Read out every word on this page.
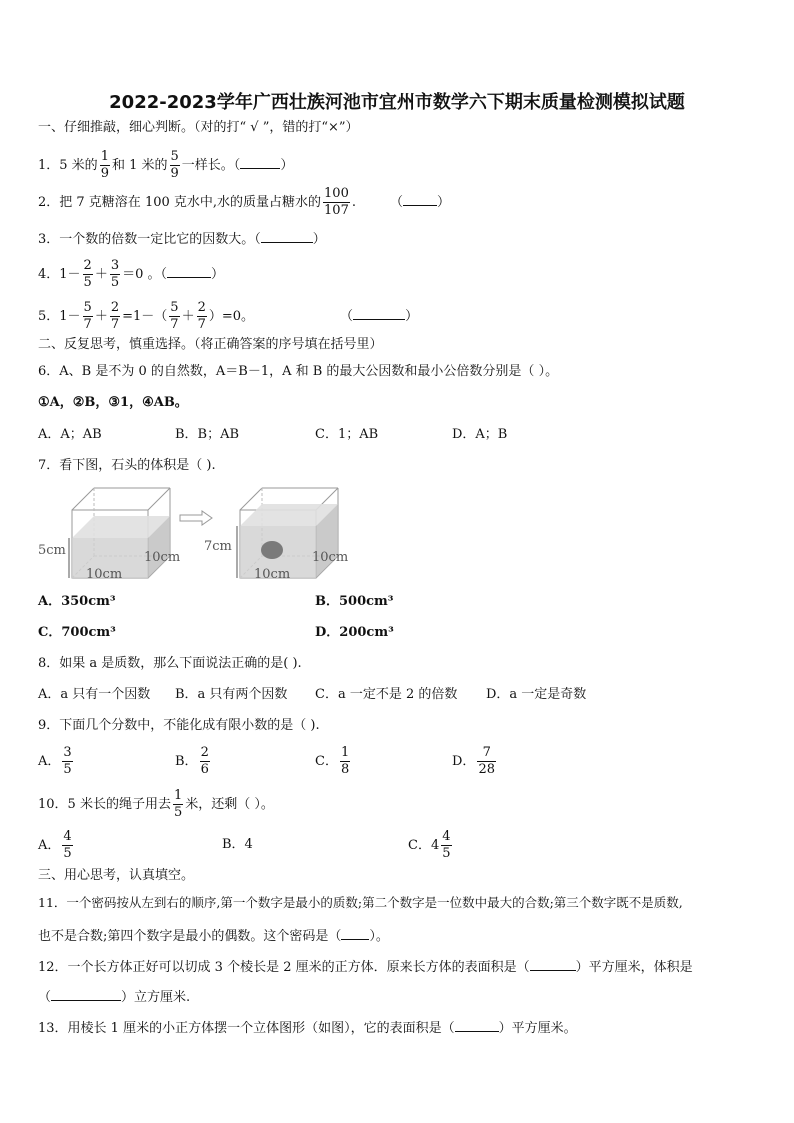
2022-2023学年广西壮族河池市宜州市数学六下期末质量检测模拟试题
一、仔细推敲，细心判断。（对的打“ √ ”，错的打“×”）
1．5 米的 $\frac{1}{9}$ 和 1 米的 $\frac{5}{9}$ 一样长。（	）
2．把 7 克糖溶在 100 克水中,水的质量占糖水的 $\frac{100}{107}$ .	（	）
3．一个数的倍数一定比它的因数大。（	）
4．$1- \frac{2}{5} + \frac{3}{5} =0$ 。（	）
5．$1- \frac{5}{7} + \frac{2}{7} =1-( \frac{5}{7} + \frac{2}{7} )=0$。	（	）
二、反复思考，慎重选择。（将正确答案的序号填在括号里）
6．A、B 是不为 0 的自然数，A＝B－1，A 和 B 的最大公因数和最小公倍数分别是（ ）。
①A，②B，③1，④AB。
A．A；AB	B．B；AB	C．1；AB	D．A；B
7．看下图，石头的体积是（ ).
5cm	10cm
10cm
7cm
10cm
10cm
A．350cm³	B．500cm³
C．700cm³	D．200cm³
8．如果 a 是质数，那么下面说法正确的是( ).
A．a 只有一个因数 B．a 只有两个因数 C．a 一定不是 2 的倍数 D．a 一定是奇数
9．下面几个分数中，不能化成有限小数的是（ ).
A． $\frac{3}{5}$	B． $\frac{2}{6}$	C． $\frac{1}{8}$	D． $\frac{7}{28}$
10．5 米长的绳子用去 $\frac{1}{5}$ 米，还剩（ ）。
A． $\frac{4}{5}$	B．4	C．$4 \frac{4}{5}$
三、用心思考，认真填空。
11．一个密码按从左到右的顺序,第一个数字是最小的质数;第二个数字是一位数中最大的合数;第三个数字既不是质数,
也不是合数;第四个数字是最小的偶数。这个密码是（ ）。
12．一个长方体正好可以切成 3 个棱长是 2 厘米的正方体．原来长方体的表面积是（	）平方厘米，体积是
（	）立方厘米.
13．用棱长 1 厘米的小正方体摆一个立体图形（如图），它的表面积是（	）平方厘米。
